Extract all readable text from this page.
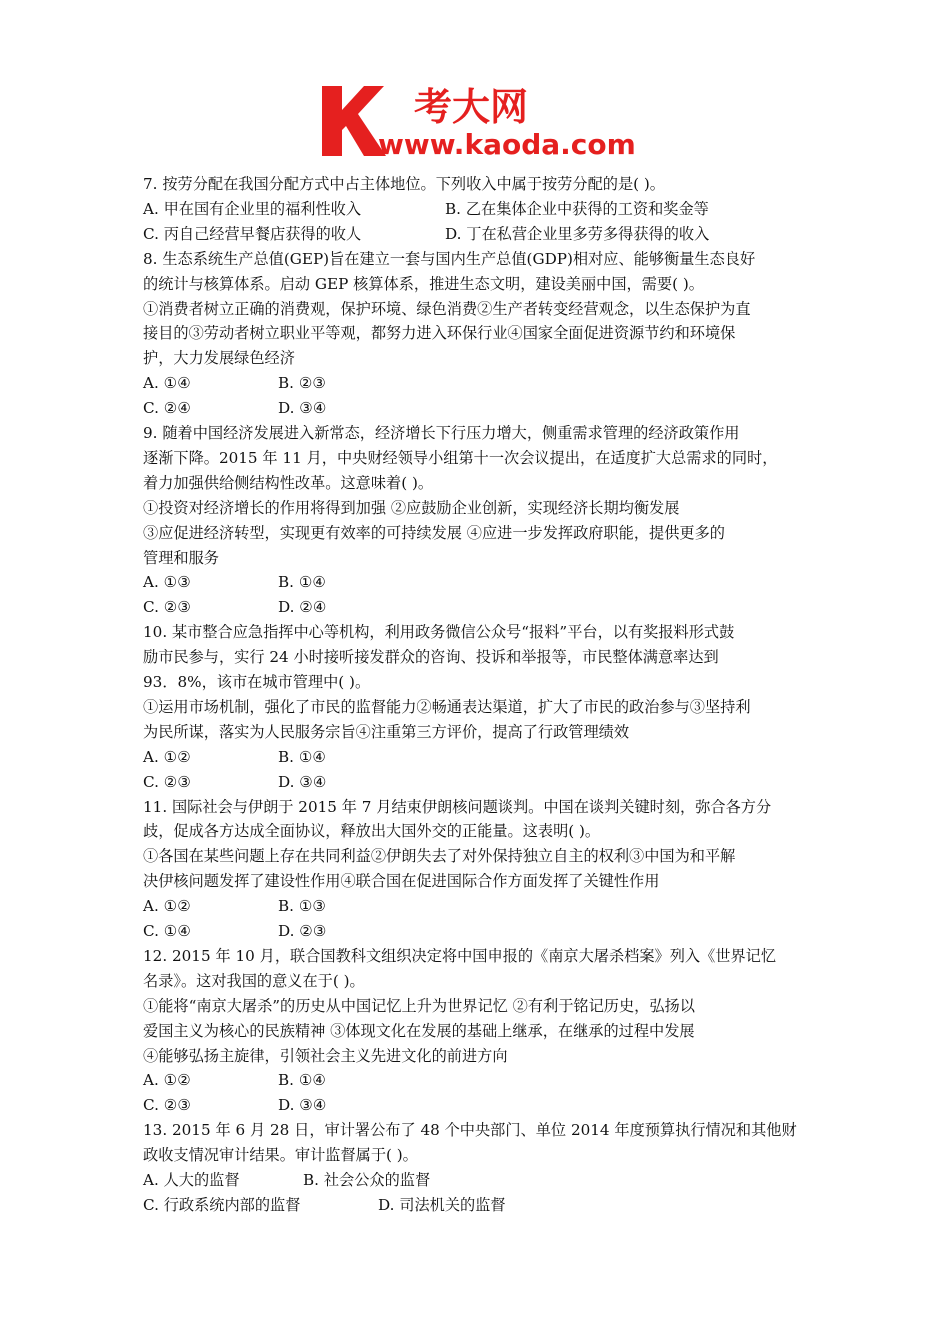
考大网
www.kaoda.com
7. 按劳分配在我国分配方式中占主体地位。下列收入中属于按劳分配的是( )。
A. 甲在国有企业里的福利性收入	B. 乙在集体企业中获得的工资和奖金等
C. 丙自己经营早餐店获得的收人	D. 丁在私营企业里多劳多得获得的收入
8. 生态系统生产总值(GEP)旨在建立一套与国内生产总值(GDP)相对应、能够衡量生态良好
的统计与核算体系。启动 GEP 核算体系，推进生态文明，建设美丽中国，需要( )。
①消费者树立正确的消费观，保护环境、绿色消费②生产者转变经营观念，以生态保护为直
接目的③劳动者树立职业平等观，都努力进入环保行业④国家全面促进资源节约和环境保
护，大力发展绿色经济
A. ①④	B. ②③
C. ②④	D. ③④
9. 随着中国经济发展进入新常态，经济增长下行压力增大，侧重需求管理的经济政策作用
逐渐下降。2015 年 11 月，中央财经领导小组第十一次会议提出，在适度扩大总需求的同时，
着力加强供给侧结构性改革。这意味着( )。
①投资对经济增长的作用将得到加强 ②应鼓励企业创新，实现经济长期均衡发展
③应促进经济转型，实现更有效率的可持续发展 ④应进一步发挥政府职能，提供更多的
管理和服务
A. ①③	B. ①④
C. ②③	D. ②④
10. 某市整合应急指挥中心等机构，利用政务微信公众号“报料”平台，以有奖报料形式鼓
励市民参与，实行 24 小时接听接发群众的咨询、投诉和举报等，市民整体满意率达到
93．8%，该市在城市管理中( )。
①运用市场机制，强化了市民的监督能力②畅通表达渠道，扩大了市民的政治参与③坚持利
为民所谋，落实为人民服务宗旨④注重第三方评价，提高了行政管理绩效
A. ①②	B. ①④
C. ②③	D. ③④
11. 国际社会与伊朗于 2015 年 7 月结束伊朗核问题谈判。中国在谈判关键时刻，弥合各方分
歧，促成各方达成全面协议，释放出大国外交的正能量。这表明( )。
①各国在某些问题上存在共同利益②伊朗失去了对外保持独立自主的权利③中国为和平解
决伊核问题发挥了建设性作用④联合国在促进国际合作方面发挥了关键性作用
A. ①②	B. ①③
C. ①④	D. ②③
12. 2015 年 10 月，联合国教科文组织决定将中国申报的《南京大屠杀档案》列入《世界记忆
名录》。这对我国的意义在于( )。
①能将“南京大屠杀”的历史从中国记忆上升为世界记忆 ②有利于铭记历史，弘扬以
爱国主义为核心的民族精神 ③体现文化在发展的基础上继承，在继承的过程中发展
④能够弘扬主旋律，引领社会主义先进文化的前进方向
A. ①②	B. ①④
C. ②③	D. ③④
13. 2015 年 6 月 28 日，审计署公布了 48 个中央部门、单位 2014 年度预算执行情况和其他财
政收支情况审计结果。审计监督属于( )。
A. 人大的监督	B. 社会公众的监督
C. 行政系统内部的监督	D. 司法机关的监督
